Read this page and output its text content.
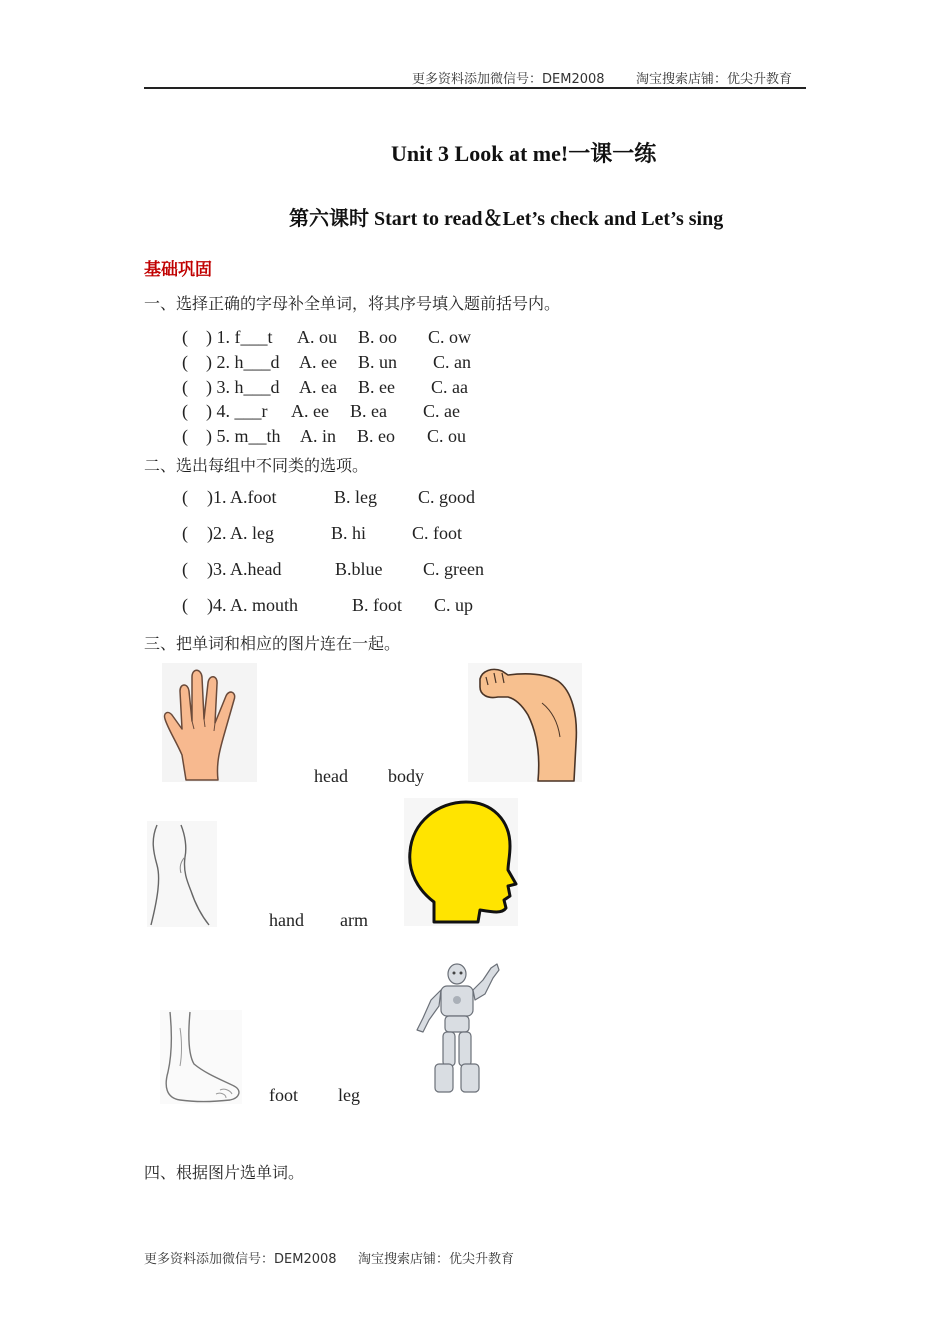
更多资料添加微信号：DEM2008 淘宝搜索店铺：优尖升教育
Unit 3 Look at me!一课一练
第六课时 Start to read＆Let’s check and Let’s sing
基础巩固
一、选择正确的字母补全单词，将其序号填入题前括号内。
( ) 1. f___t A. ou B. oo C. ow
( ) 2. h___d A. ee B. un C. an
( ) 3. h___d A. ea B. ee C. aa
( ) 4. ___r A. ee B. ea C. ae
( ) 5. m__th A. in B. eo C. ou
二、选出每组中不同类的选项。
( )1. A.foot	B. leg C. good
( )2. A. leg	B. hi	C. foot
( )3. A.head	B.blue C. green
( )4. A. mouth	B. foot C. up
三、把单词和相应的图片连在一起。
head body
hand arm
foot leg
四、根据图片选单词。
更多资料添加微信号：DEM2008 淘宝搜索店铺：优尖升教育
